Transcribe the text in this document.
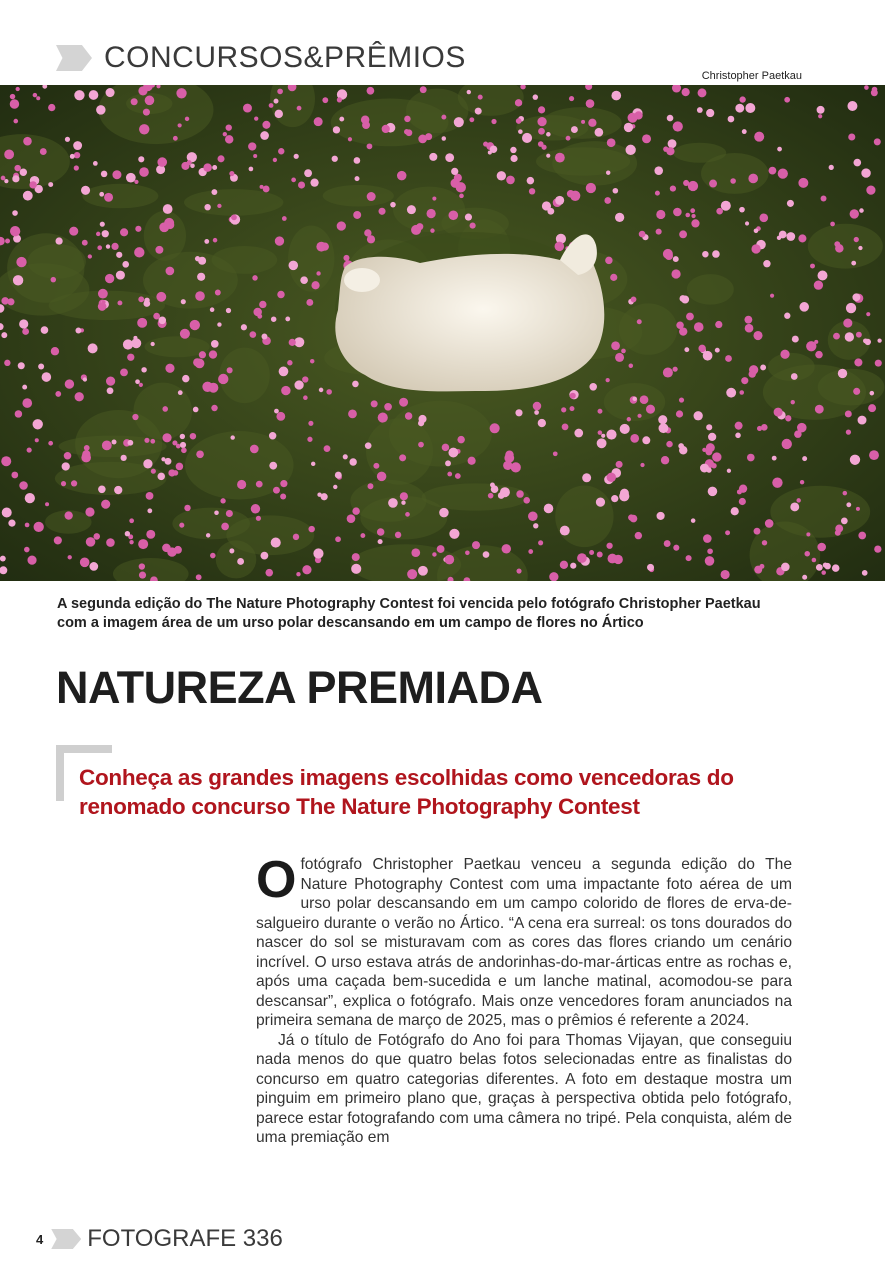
CONCURSOS&PRÊMIOS
Christopher Paetkau
A segunda edição do The Nature Photography Contest foi vencida pelo fotógrafo Christopher Paetkau com a imagem área de um urso polar descansando em um campo de flores no Ártico
NATUREZA PREMIADA
Conheça as grandes imagens escolhidas como vencedoras do renomado concurso The Nature Photography Contest

Ofotógrafo Christopher Paetkau venceu a segunda edição do The Nature Photography Contest com uma impactante foto aérea de um urso polar descansando em um campo colorido de flores de erva-de-salgueiro durante o verão no Ártico. “A cena era surreal: os tons dourados do nascer do sol se misturavam com as cores das flores criando um cenário incrível. O urso estava atrás de andorinhas-do-mar-árticas entre as rochas e, após uma caçada bem-sucedida e um lanche matinal, acomodou-se para descansar”, explica o fotógrafo. Mais onze vencedores foram anunciados na primeira semana de março de 2025, mas o prêmios é referente a 2024.

Já o título de Fotógrafo do Ano foi para Thomas Vijayan, que conseguiu nada menos do que quatro belas fotos selecionadas entre as finalistas do concurso em quatro categorias diferentes. A foto em destaque mostra um pinguim em primeiro plano que, graças à perspectiva obtida pelo fotógrafo, parece estar fotografando com uma câmera no tripé. Pela conquista, além de uma premiação em

4 FOTOGRAFE 336
